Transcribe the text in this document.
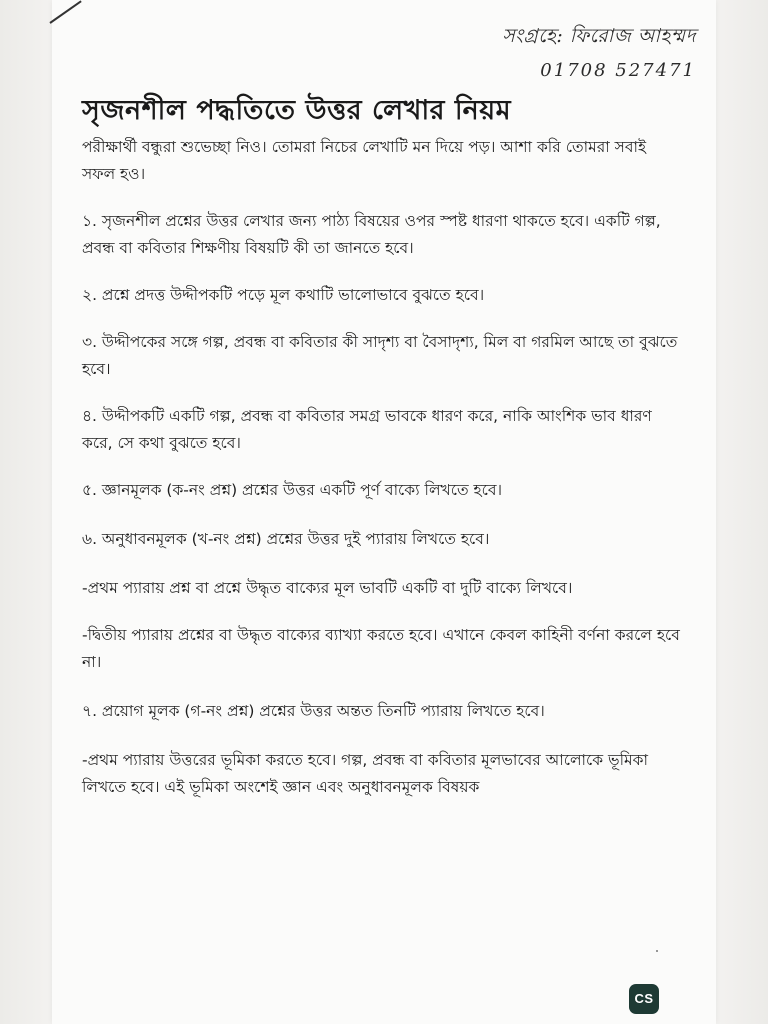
সংগ্রহে: ফিরোজ আহম্মদ
01708 527471
সৃজনশীল পদ্ধতিতে উত্তর লেখার নিয়ম

পরীক্ষার্থী বন্ধুরা শুভেচ্ছা নিও। তোমরা নিচের লেখাটি মন দিয়ে পড়। আশা করি তোমরা সবাই সফল হও।

১. সৃজনশীল প্রশ্নের উত্তর লেখার জন্য পাঠ্য বিষয়ের ওপর স্পষ্ট ধারণা থাকতে হবে। একটি গল্প, প্রবন্ধ বা কবিতার শিক্ষণীয় বিষয়টি কী তা জানতে হবে।

২. প্রশ্নে প্রদত্ত উদ্দীপকটি পড়ে মূল কথাটি ভালোভাবে বুঝতে হবে।

৩. উদ্দীপকের সঙ্গে গল্প, প্রবন্ধ বা কবিতার কী সাদৃশ্য বা বৈসাদৃশ্য, মিল বা গরমিল আছে তা বুঝতে হবে।

৪. উদ্দীপকটি একটি গল্প, প্রবন্ধ বা কবিতার সমগ্র ভাবকে ধারণ করে, নাকি আংশিক ভাব ধারণ করে, সে কথা বুঝতে হবে।

৫. জ্ঞানমূলক (ক-নং প্রশ্ন) প্রশ্নের উত্তর একটি পূর্ণ বাক্যে লিখতে হবে।

৬. অনুধাবনমূলক (খ-নং প্রশ্ন) প্রশ্নের উত্তর দুই প্যারায় লিখতে হবে।

-প্রথম প্যারায় প্রশ্ন বা প্রশ্নে উদ্ধৃত বাক্যের মূল ভাবটি একটি বা দুটি বাক্যে লিখবে।

-দ্বিতীয় প্যারায় প্রশ্নের বা উদ্ধৃত বাক্যের ব্যাখ্যা করতে হবে। এখানে কেবল কাহিনী বর্ণনা করলে হবে না।

৭. প্রয়োগ মূলক (গ-নং প্রশ্ন) প্রশ্নের উত্তর অন্তত তিনটি প্যারায় লিখতে হবে।

-প্রথম প্যারায় উত্তরের ভূমিকা করতে হবে। গল্প, প্রবন্ধ বা কবিতার মূলভাবের আলোকে ভূমিকা লিখতে হবে। এই ভূমিকা অংশেই জ্ঞান এবং অনুধাবনমূলক বিষয়ক

CS
